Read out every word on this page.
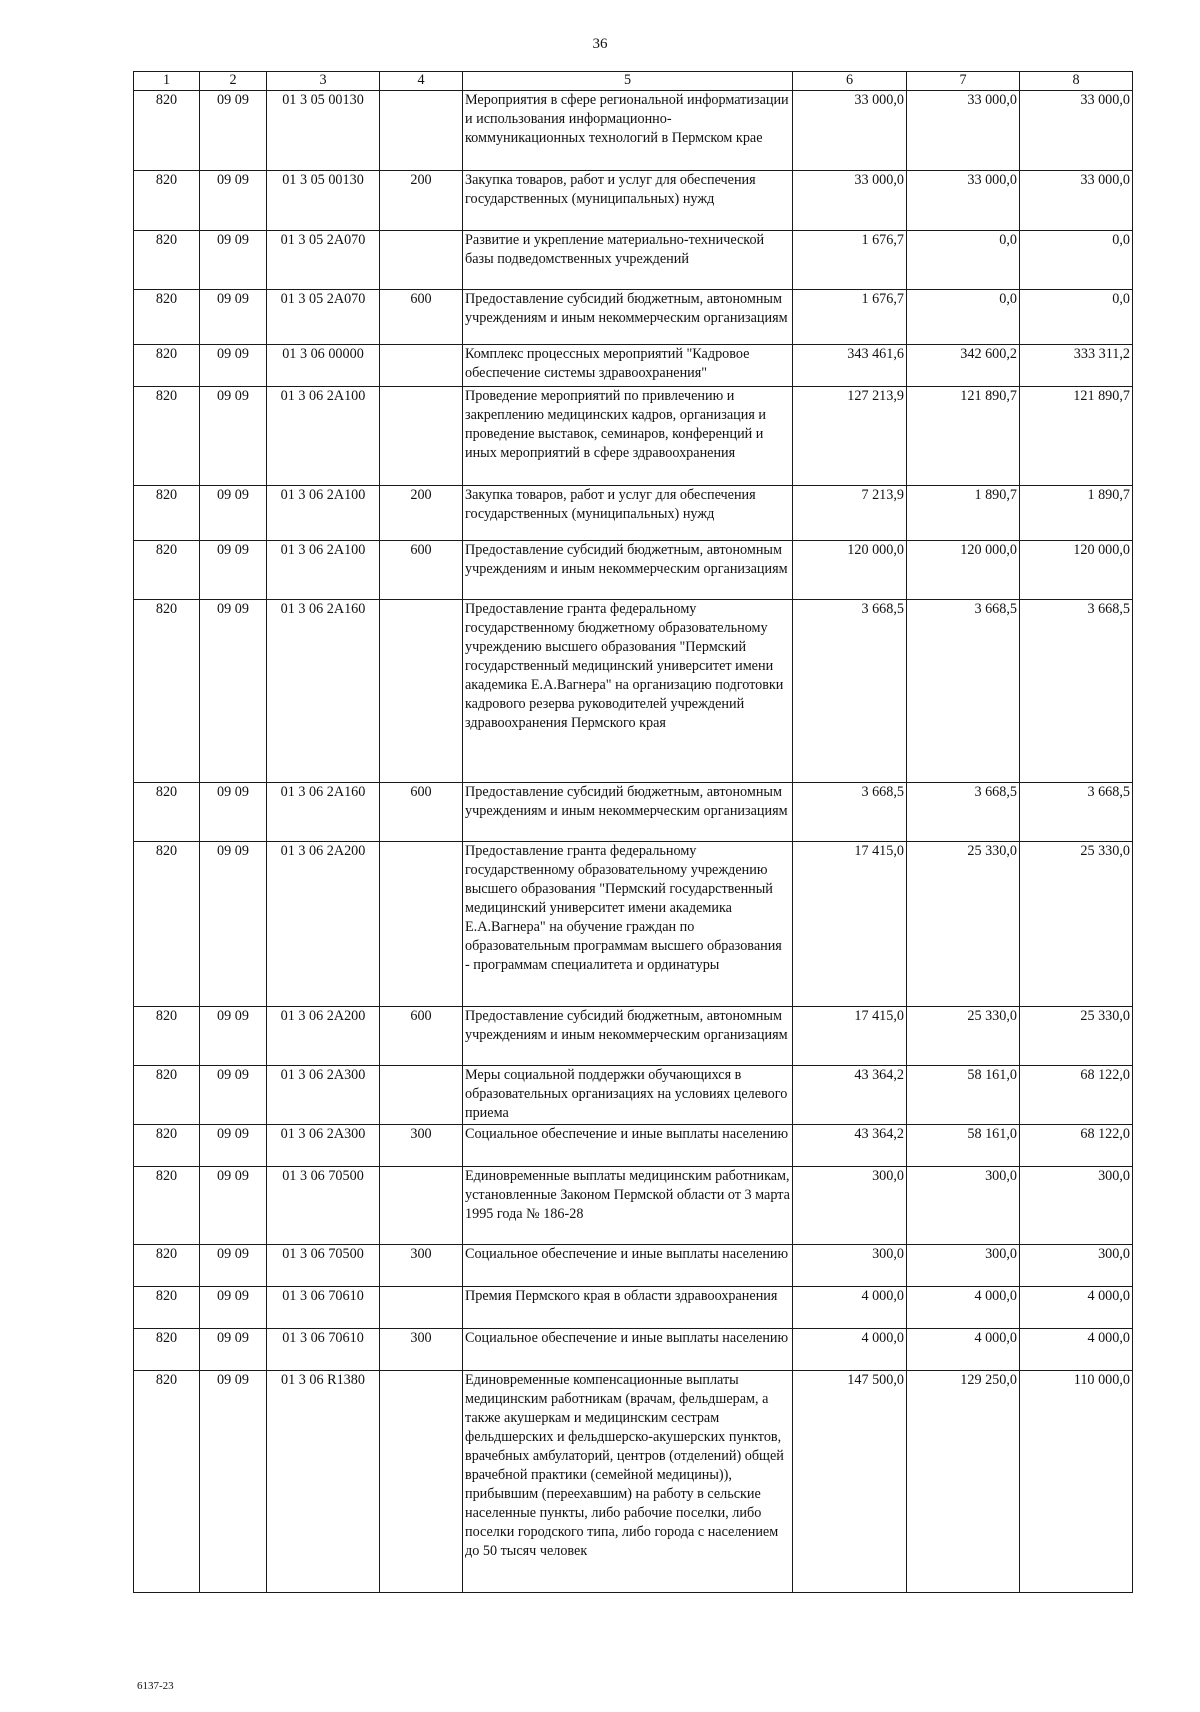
36
1	2	3	4	5	6	7	8
820	09 09	01 3 05 00130		Мероприятия в сфере региональной информатизации и использования информационно-коммуникационных технологий в Пермском крае	33 000,0	33 000,0	33 000,0
820	09 09	01 3 05 00130	200	Закупка товаров, работ и услуг для обеспечения государственных (муниципальных) нужд	33 000,0	33 000,0	33 000,0
820	09 09	01 3 05 2А070		Развитие и укрепление материально-технической базы подведомственных учреждений	1 676,7	0,0	0,0
820	09 09	01 3 05 2А070	600	Предоставление субсидий бюджетным, автономным учреждениям и иным некоммерческим организациям	1 676,7	0,0	0,0
820	09 09	01 3 06 00000		Комплекс процессных мероприятий "Кадровое обеспечение системы здравоохранения"	343 461,6	342 600,2	333 311,2
820	09 09	01 3 06 2А100		Проведение мероприятий по привлечению и закреплению медицинских кадров, организация и проведение выставок, семинаров, конференций и иных мероприятий в сфере здравоохранения	127 213,9	121 890,7	121 890,7
820	09 09	01 3 06 2А100	200	Закупка товаров, работ и услуг для обеспечения государственных (муниципальных) нужд	7 213,9	1 890,7	1 890,7
820	09 09	01 3 06 2А100	600	Предоставление субсидий бюджетным, автономным учреждениям и иным некоммерческим организациям	120 000,0	120 000,0	120 000,0
820	09 09	01 3 06 2А160		Предоставление гранта федеральному государственному бюджетному образовательному учреждению высшего образования "Пермский государственный медицинский университет имени академика Е.А.Вагнера" на организацию подготовки кадрового резерва руководителей учреждений здравоохранения Пермского края	3 668,5	3 668,5	3 668,5
820	09 09	01 3 06 2А160	600	Предоставление субсидий бюджетным, автономным учреждениям и иным некоммерческим организациям	3 668,5	3 668,5	3 668,5
820	09 09	01 3 06 2А200		Предоставление гранта федеральному государственному образовательному учреждению высшего образования "Пермский государственный медицинский университет имени академика Е.А.Вагнера" на обучение граждан по образовательным программам высшего образования - программам специалитета и ординатуры	17 415,0	25 330,0	25 330,0
820	09 09	01 3 06 2А200	600	Предоставление субсидий бюджетным, автономным учреждениям и иным некоммерческим организациям	17 415,0	25 330,0	25 330,0
820	09 09	01 3 06 2А300		Меры социальной поддержки обучающихся в образовательных организациях на условиях целевого приема	43 364,2	58 161,0	68 122,0
820	09 09	01 3 06 2А300	300	Социальное обеспечение и иные выплаты населению	43 364,2	58 161,0	68 122,0
820	09 09	01 3 06 70500		Единовременные выплаты медицинским работникам, установленные Законом Пермской области от 3 марта 1995 года № 186-28	300,0	300,0	300,0
820	09 09	01 3 06 70500	300	Социальное обеспечение и иные выплаты населению	300,0	300,0	300,0
820	09 09	01 3 06 70610		Премия Пермского края в области здравоохранения	4 000,0	4 000,0	4 000,0
820	09 09	01 3 06 70610	300	Социальное обеспечение и иные выплаты населению	4 000,0	4 000,0	4 000,0
820	09 09	01 3 06 R1380		Единовременные компенсационные выплаты медицинским работникам (врачам, фельдшерам, а также акушеркам и медицинским сестрам фельдшерских и фельдшерско-акушерских пунктов, врачебных амбулаторий, центров (отделений) общей врачебной практики (семейной медицины)), прибывшим (переехавшим) на работу в сельские населенные пункты, либо рабочие поселки, либо поселки городского типа, либо города с населением до 50 тысяч человек	147 500,0	129 250,0	110 000,0
6137-23
